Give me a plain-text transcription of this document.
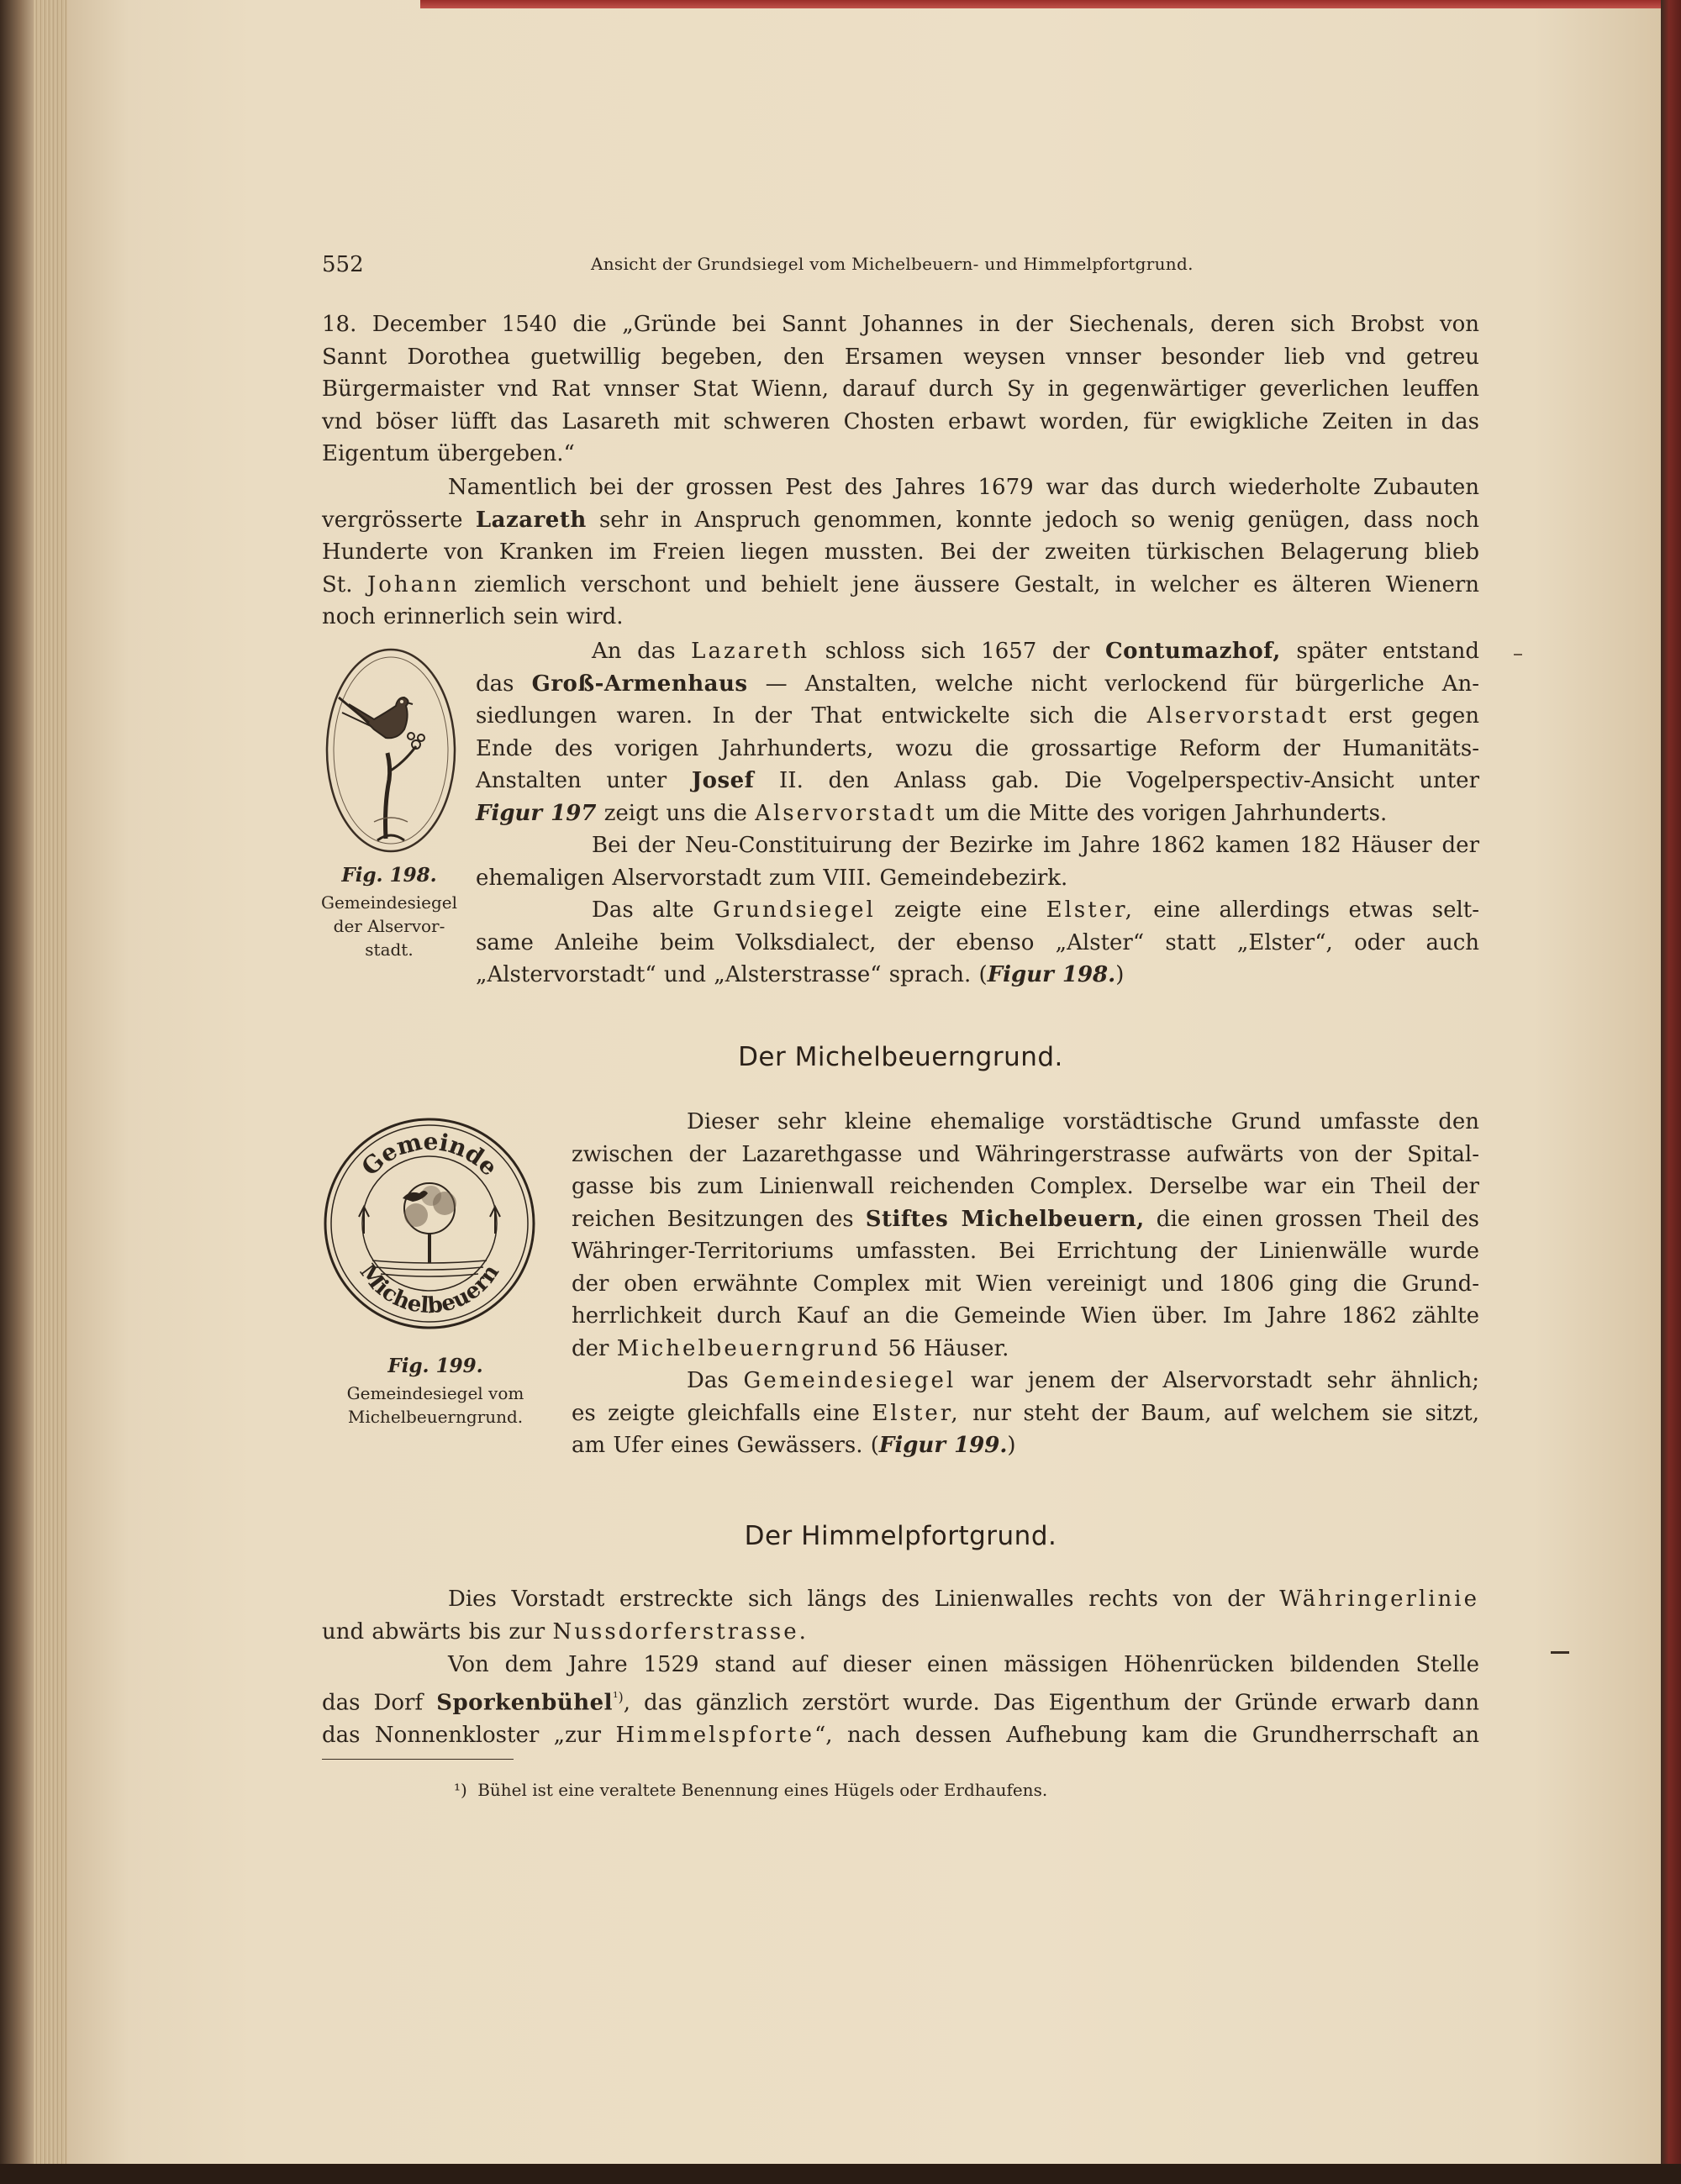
552	Ansicht der Grundsiegel vom Michelbeuern- und Himmelpfortgrund.
18. December 1540 die „Gründe bei Sannt Johannes in der Siechenals, deren sich Brobst von
Sannt Dorothea guetwillig begeben, den Ersamen weysen vnnser besonder lieb vnd getreu
Bürgermaister vnd Rat vnnser Stat Wienn, darauf durch Sy in gegenwärtiger geverlichen leuffen
vnd böser lüfft das Lasareth mit schweren Chosten erbawt worden, für ewigkliche Zeiten in das
Eigentum übergeben.“
Namentlich bei der grossen Pest des Jahres 1679 war das durch wiederholte Zubauten
vergrösserte Lazareth sehr in Anspruch genommen, konnte jedoch so wenig genügen, dass noch
Hunderte von Kranken im Freien liegen mussten. Bei der zweiten türkischen Belagerung blieb
St. Johann ziemlich verschont und behielt jene äussere Gestalt, in welcher es älteren Wienern
noch erinnerlich sein wird.
Fig. 198.
Gemeindesiegel
der Alservor-
stadt.
An das Lazareth schloss sich 1657 der Contumazhof, später entstand
das Groß-Armenhaus — Anstalten, welche nicht verlockend für bürgerliche An-
siedlungen waren. In der That entwickelte sich die Alservorstadt erst gegen
Ende des vorigen Jahrhunderts, wozu die grossartige Reform der Humanitäts-
Anstalten unter Josef II. den Anlass gab. Die Vogelperspectiv-Ansicht unter
Figur 197 zeigt uns die Alservorstadt um die Mitte des vorigen Jahrhunderts.
Bei der Neu-Constituirung der Bezirke im Jahre 1862 kamen 182 Häuser der
ehemaligen Alservorstadt zum VIII. Gemeindebezirk.
Das alte Grundsiegel zeigte eine Elster, eine allerdings etwas selt-
same Anleihe beim Volksdialect, der ebenso „Alster“ statt „Elster“, oder auch
„Alstervorstadt“ und „Alsterstrasse“ sprach. (Figur 198.)
Der Michelbeuerngrund.
Gemeinde
Michelbeuern
Fig. 199.
Gemeindesiegel vom
Michelbeuerngrund.
Dieser sehr kleine ehemalige vorstädtische Grund umfasste den
zwischen der Lazarethgasse und Währingerstrasse aufwärts von der Spital-
gasse bis zum Linienwall reichenden Complex. Derselbe war ein Theil der
reichen Besitzungen des Stiftes Michelbeuern, die einen grossen Theil des
Währinger-Territoriums umfassten. Bei Errichtung der Linienwälle wurde
der oben erwähnte Complex mit Wien vereinigt und 1806 ging die Grund-
herrlichkeit durch Kauf an die Gemeinde Wien über. Im Jahre 1862 zählte
der Michelbeuerngrund 56 Häuser.
Das Gemeindesiegel war jenem der Alservorstadt sehr ähnlich;
es zeigte gleichfalls eine Elster, nur steht der Baum, auf welchem sie sitzt,
am Ufer eines Gewässers. (Figur 199.)
Der Himmelpfortgrund.
Dies Vorstadt erstreckte sich längs des Linienwalles rechts von der Währingerlinie
und abwärts bis zur Nussdorferstrasse.
Von dem Jahre 1529 stand auf dieser einen mässigen Höhenrücken bildenden Stelle
das Dorf Sporkenbühel$^{^1)}$, das gänzlich zerstört wurde. Das Eigenthum der Gründe erwarb dann
das Nonnenkloster „zur Himmelspforte“, nach dessen Aufhebung kam die Grundherrschaft an
¹) Bühel ist eine veraltete Benennung eines Hügels oder Erdhaufens.
